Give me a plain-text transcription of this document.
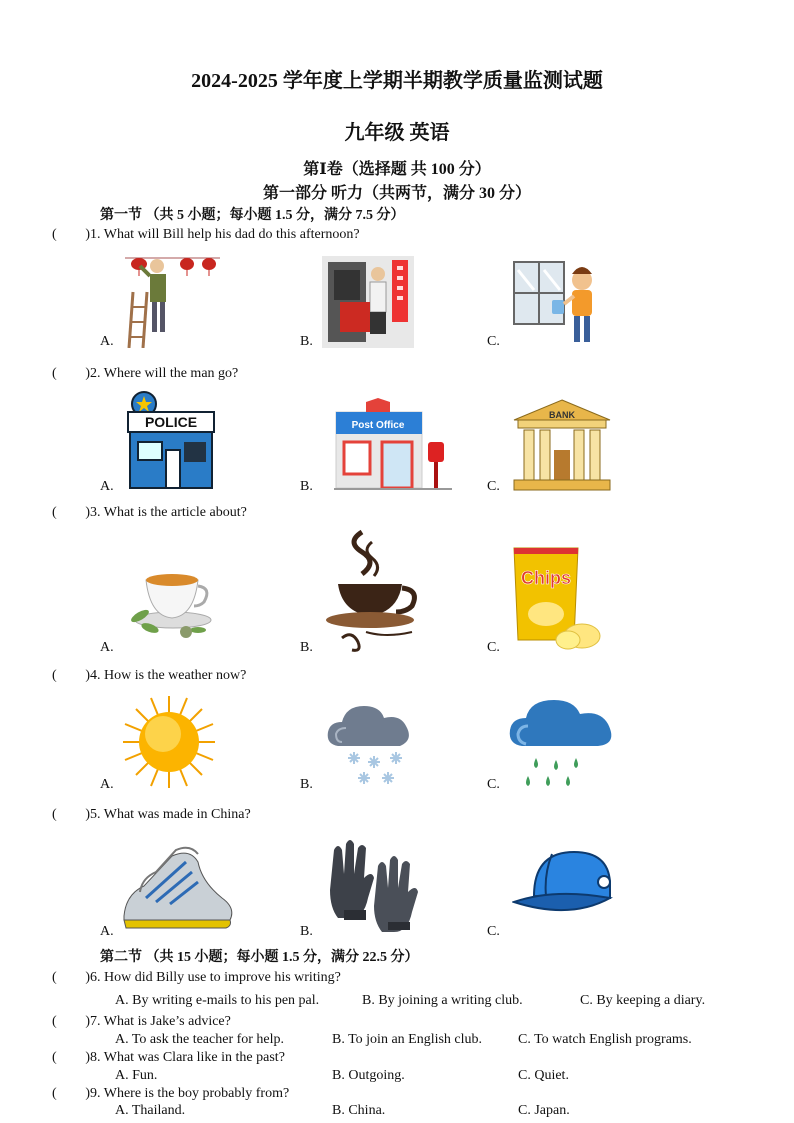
2024-2025 学年度上学期半期教学质量监测试题
九年级 英语
第Ⅰ卷（选择题 共 100 分）
第一部分 听力（共两节，满分 30 分）
第一节 （共 5 小题；每小题 1.5 分，满分 7.5 分）
( ) 1. What will Bill help his dad do this afternoon?
A.	B.	C.
( ) 2. Where will the man go?
A.	B.	C.
POLICE	Post Office
BANK
( ) 3. What is the article about?
A.	B.	C.
Chips
( ) 4. How is the weather now?
A.	B.	C.
( ) 5. What was made in China?
A.	B.	C.
第二节 （共 15 小题；每小题 1.5 分，满分 22.5 分）
( ) 6. How did Billy use to improve his writing?
A. By writing e-mails to his pen pal.	B. By joining a writing club.	C. By keeping a diary.
( ) 7. What is Jake’s advice?
A. To ask the teacher for help.	B. To join an English club.	C. To watch English programs.
( ) 8. What was Clara like in the past?
A. Fun.	B. Outgoing.	C. Quiet.
( ) 9. Where is the boy probably from?
A. Thailand.	B. China.	C. Japan.
